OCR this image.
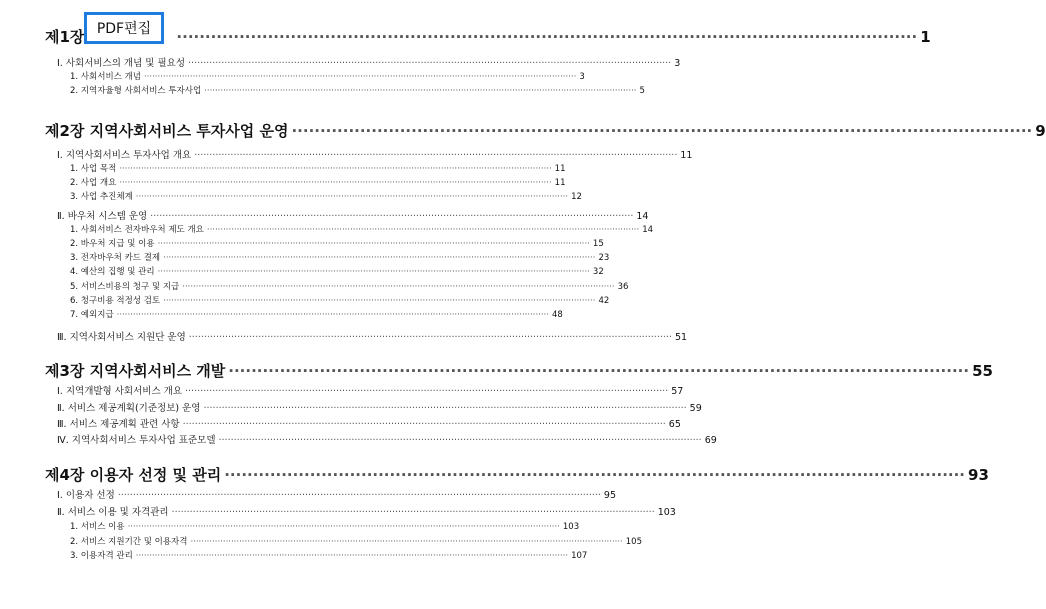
제1장	·································································································································· 1
PDF편집
Ⅰ. 사회서비스의 개념 및 필요성 ································································································································································ 3
1. 사회서비스 개념 ································································································································································ 3
2. 지역자율형 사회서비스 투자사업 ································································································································································ 5
제2장 지역사회서비스 투자사업 운영 ·································································································································· 9
Ⅰ. 지역사회서비스 투자사업 개요 ································································································································································ 11
1. 사업 목적 ································································································································································ 11
2. 사업 개요 ································································································································································ 11
3. 사업 추진체계 ································································································································································ 12
Ⅱ. 바우처 시스템 운영 ································································································································································ 14
1. 사회서비스 전자바우처 제도 개요 ································································································································································ 14
2. 바우처 지급 및 이용 ································································································································································ 15
3. 전자바우처 카드 결제 ································································································································································ 23
4. 예산의 집행 및 관리 ································································································································································ 32
5. 서비스비용의 청구 및 지급 ································································································································································ 36
6. 청구비용 적정성 검토 ································································································································································ 42
7. 예외지급 ································································································································································ 48
Ⅲ. 지역사회서비스 지원단 운영 ································································································································································ 51
제3장 지역사회서비스 개발 ·································································································································· 55
Ⅰ. 지역개발형 사회서비스 개요 ································································································································································ 57
Ⅱ. 서비스 제공계획(기준정보) 운영 ································································································································································ 59
Ⅲ. 서비스 제공계획 관련 사항 ································································································································································ 65
Ⅳ. 지역사회서비스 투자사업 표준모델 ································································································································································ 69
제4장 이용자 선정 및 관리 ·································································································································· 93
Ⅰ. 이용자 선정 ································································································································································ 95
Ⅱ. 서비스 이용 및 자격관리 ································································································································································ 103
1. 서비스 이용 ································································································································································ 103
2. 서비스 지원기간 및 이용자격 ································································································································································ 105
3. 이용자격 관리 ································································································································································ 107
